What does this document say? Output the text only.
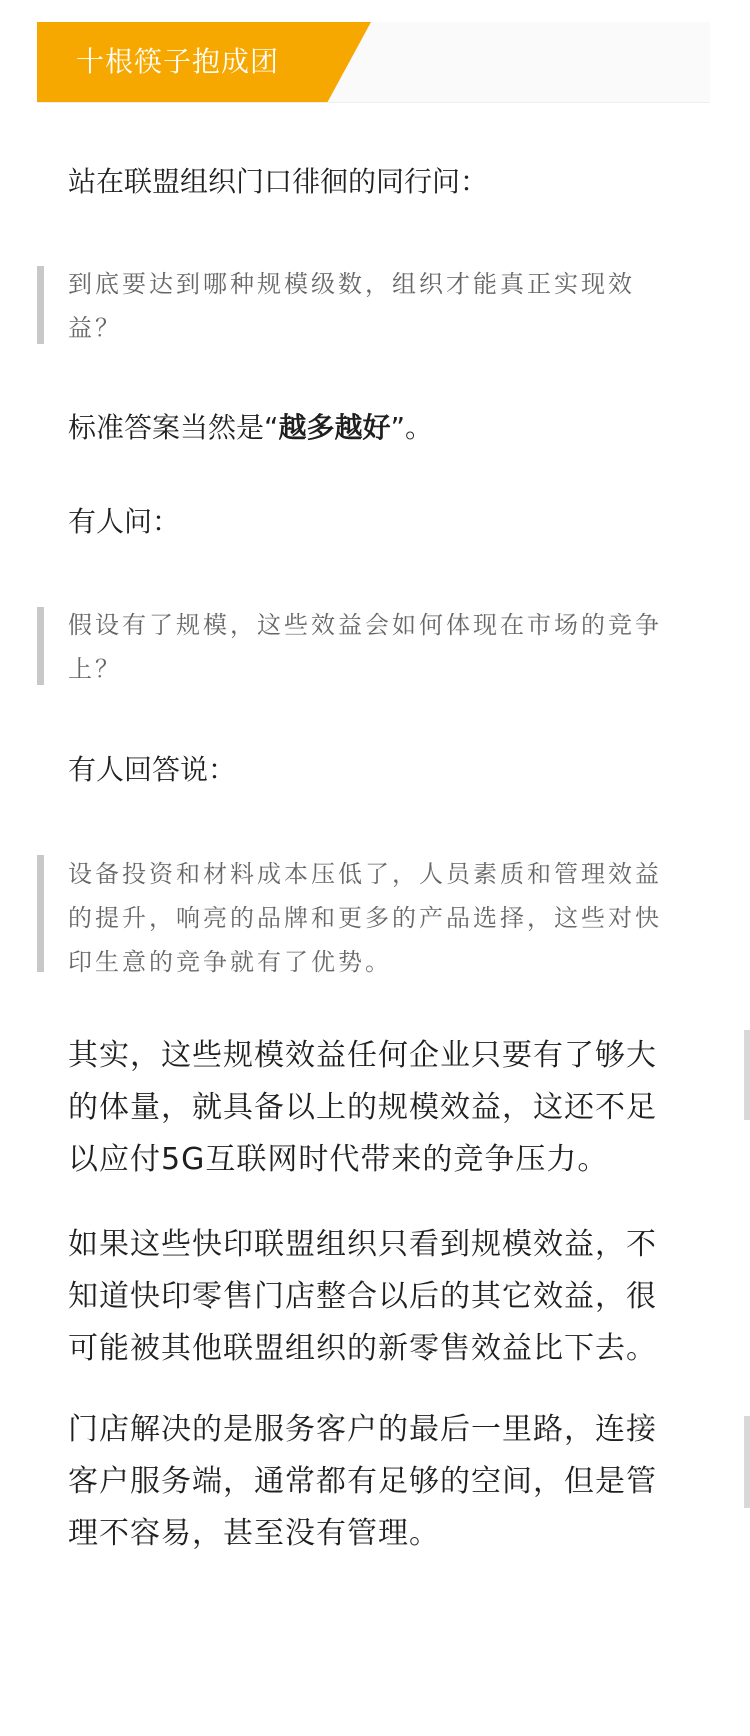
十根筷子抱成团

站在联盟组织门口徘徊的同行问：

到底要达到哪种规模级数，组织才能真正实现效
益？

标准答案当然是“越多越好”。

有人问：

假设有了规模，这些效益会如何体现在市场的竞争
上？

有人回答说：

设备投资和材料成本压低了，人员素质和管理效益
的提升，响亮的品牌和更多的产品选择，这些对快
印生意的竞争就有了优势。
其实，这些规模效益任何企业只要有了够大
的体量，就具备以上的规模效益，这还不足
以应付5G互联网时代带来的竞争压力。
如果这些快印联盟组织只看到规模效益，不
知道快印零售门店整合以后的其它效益，很
可能被其他联盟组织的新零售效益比下去。
门店解决的是服务客户的最后一里路，连接
客户服务端，通常都有足够的空间，但是管
理不容易，甚至没有管理。
